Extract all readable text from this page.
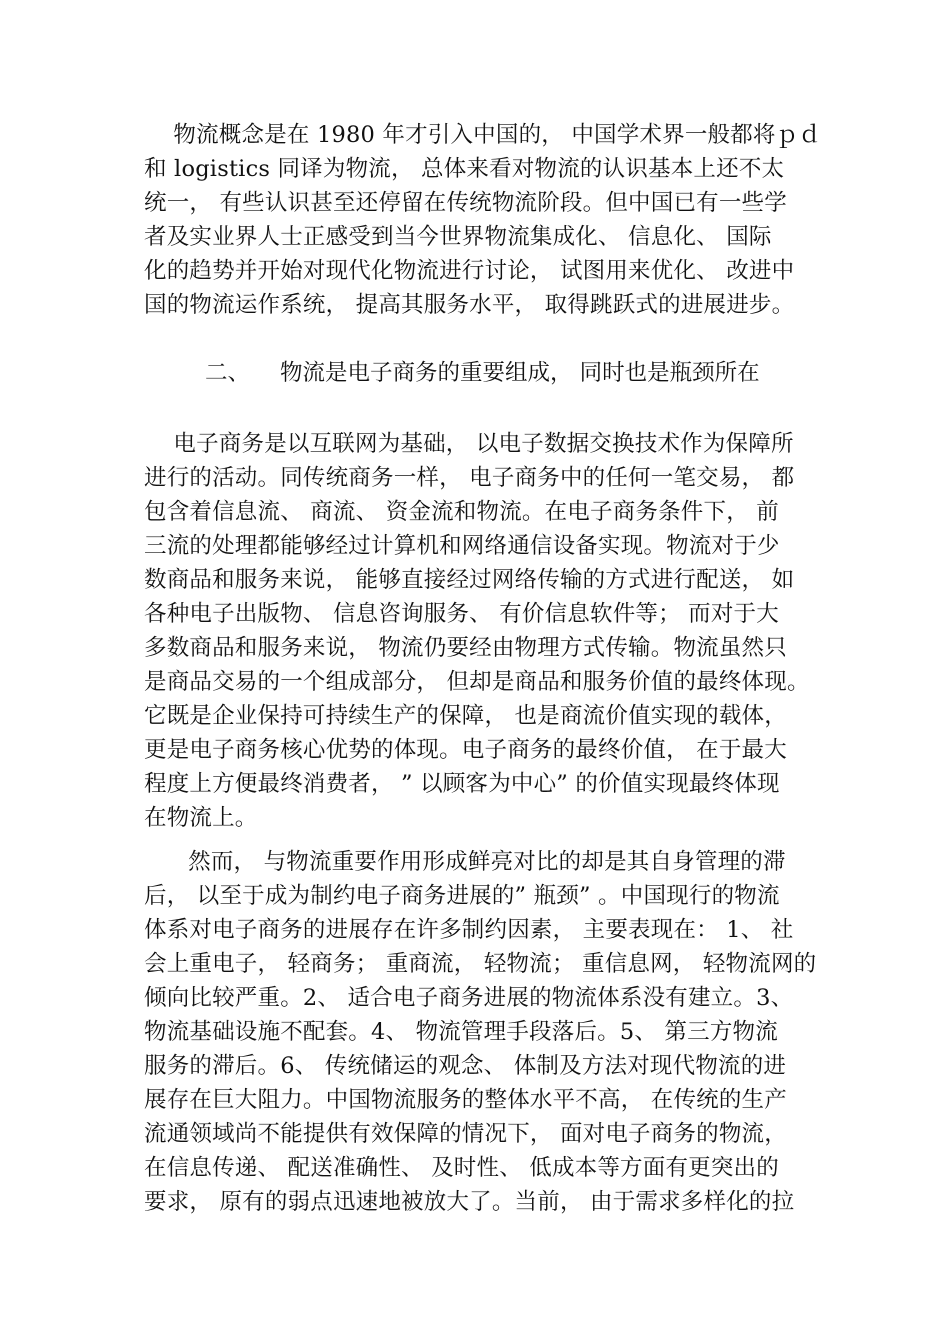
物流概念是在 1980 年才引入中国的， 中国学术界一般都将ｐｄ
和 logistics 同译为物流， 总体来看对物流的认识基本上还不太
统一， 有些认识甚至还停留在传统物流阶段。但中国已有一些学
者及实业界人士正感受到当今世界物流集成化、 信息化、 国际
化的趋势并开始对现代化物流进行讨论， 试图用来优化、 改进中
国的物流运作系统， 提高其服务水平， 取得跳跃式的进展进步。
二、 物流是电子商务的重要组成， 同时也是瓶颈所在
电子商务是以互联网为基础， 以电子数据交换技术作为保障所
进行的活动。同传统商务一样， 电子商务中的任何一笔交易， 都
包含着信息流、 商流、 资金流和物流。在电子商务条件下， 前
三流的处理都能够经过计算机和网络通信设备实现。物流对于少
数商品和服务来说， 能够直接经过网络传输的方式进行配送， 如
各种电子出版物、 信息咨询服务、 有价信息软件等； 而对于大
多数商品和服务来说， 物流仍要经由物理方式传输。物流虽然只
是商品交易的一个组成部分， 但却是商品和服务价值的最终体现。
它既是企业保持可持续生产的保障， 也是商流价值实现的载体，
更是电子商务核心优势的体现。电子商务的最终价值， 在于最大
程度上方便最终消费者， ” 以顾客为中心” 的价值实现最终体现
在物流上。
然而， 与物流重要作用形成鲜亮对比的却是其自身管理的滞
后， 以至于成为制约电子商务进展的” 瓶颈” 。中国现行的物流
体系对电子商务的进展存在许多制约因素， 主要表现在： 1、 社
会上重电子， 轻商务； 重商流， 轻物流； 重信息网， 轻物流网的
倾向比较严重。2、 适合电子商务进展的物流体系没有建立。3、
物流基础设施不配套。4、 物流管理手段落后。5、 第三方物流
服务的滞后。6、 传统储运的观念、 体制及方法对现代物流的进
展存在巨大阻力。中国物流服务的整体水平不高， 在传统的生产
流通领域尚不能提供有效保障的情况下， 面对电子商务的物流，
在信息传递、 配送准确性、 及时性、 低成本等方面有更突出的
要求， 原有的弱点迅速地被放大了。当前， 由于需求多样化的拉
